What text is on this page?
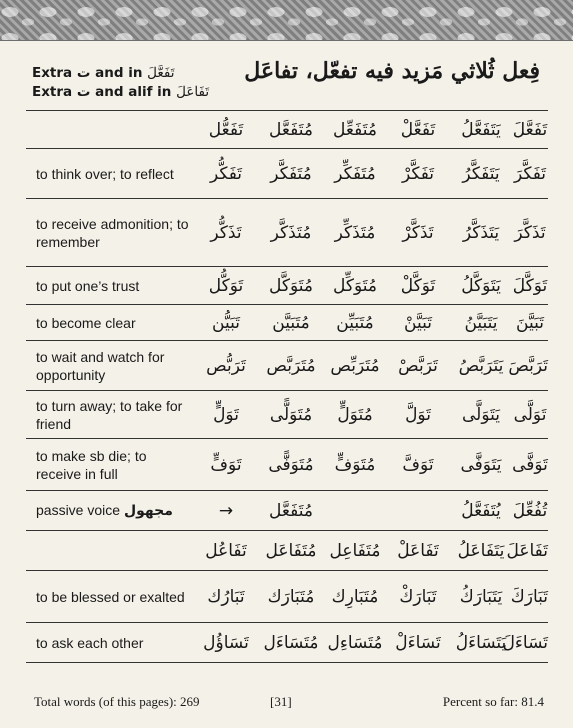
Extra ت and in تَفَعَّلَ
Extra ت and alif in تَفَاعَلَ
فِعل ثُلاثي مَزيد فيه تفعّل، تفاعَل
	تَفَعُّل	مُتَفَعَّل	مُتَفَعِّل	تَفَعَّلْ	يَتَفَعَّلُ	تَفَعَّلَ
to think over; to reflect	تَفَكُّر	مُتَفَكَّر	مُتَفَكِّر	تَفَكَّرْ	يَتَفَكَّرُ	تَفَكَّرَ
to receive admonition; to remember	تَذَكُّر	مُتَذَكَّر	مُتَذَكِّر	تَذَكَّرْ	يَتَذَكَّرُ	تَذَكَّرَ
to put one’s trust	تَوَكُّل	مُتَوَكَّل	مُتَوَكِّل	تَوَكَّلْ	يَتَوَكَّلُ	تَوَكَّلَ
to become clear	تَبَيُّن	مُتَبَيَّن	مُتَبَيِّن	تَبَيَّنْ	يَتَبَيَّنُ	تَبَيَّنَ
to wait and watch for opportunity	تَرَبُّص	مُتَرَبَّص	مُتَرَبِّص	تَرَبَّصْ	يَتَرَبَّصُ	تَرَبَّصَ
to turn away; to take for friend	تَوَلٍّ	مُتَوَلًّى	مُتَوَلٍّ	تَوَلَّ	يَتَوَلَّى	تَوَلَّى
to make sb die; to receive in full	تَوَفٍّ	مُتَوَفًّى	مُتَوَفٍّ	تَوَفَّ	يَتَوَفَّى	تَوَفَّى
passive voice مجهول	→	مُتَفَعَّل			يُتَفَعَّلُ	تُفُعِّلَ
	تَفَاعُل	مُتَفَاعَل	مُتَفَاعِل	تَفَاعَلْ	يَتَفَاعَلُ	تَفَاعَلَ
to be blessed or exalted	تَبَارُك	مُتَبَارَك	مُتَبَارِك	تَبَارَكْ	يَتَبَارَكُ	تَبَارَكَ
to ask each other	تَسَاؤُل	مُتَسَاءَل	مُتَسَاءِل	تَسَاءَلْ	يَتَسَاءَلُ	تَسَاءَلَ
Total words (of this pages): 269	[31]	Percent so far: 81.4
